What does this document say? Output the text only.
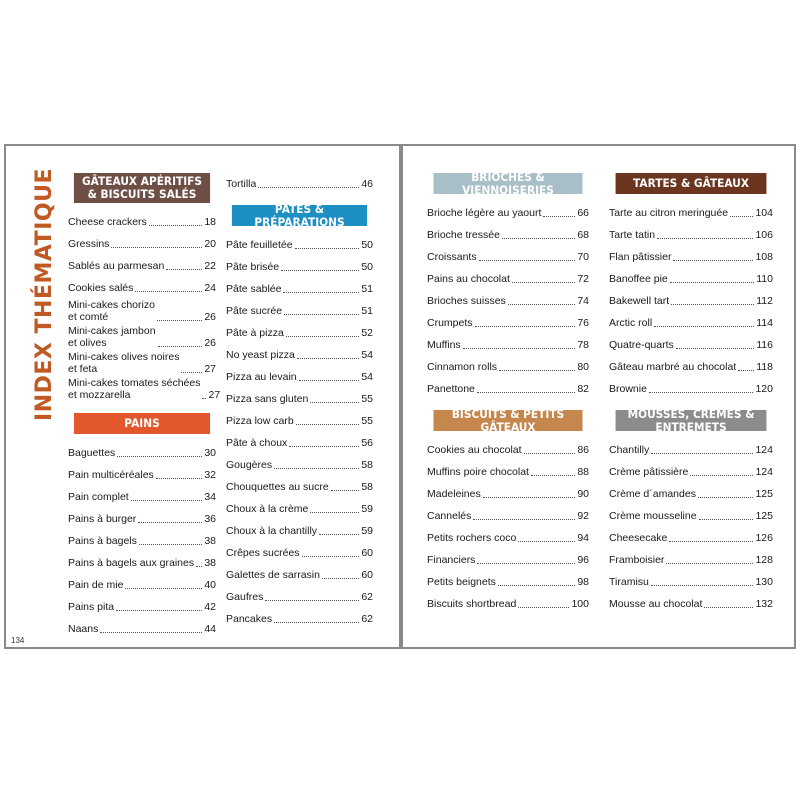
INDEX THÉMATIQUE	GÂTEAUX APÉRITIFS
& BISCUITS SALÉS
Cheese crackers	18
Gressins	20
Sablés au parmesan	22
Cookies salés	24
Mini-cakes chorizo
et comté	26
Mini-cakes jambon
et olives	26
Mini-cakes olives noires
et feta	27
Mini-cakes tomates séchées
et mozzarella	27
PAINS
Baguettes	30
Pain multicéréales	32
Pain complet	34
Pains à burger	36
Pains à bagels	38
Pains à bagels aux graines 38
Pain de mie	40
Pains pita	42
Naans	44
Tortilla	46
PÂTES & PRÉPARATIONS
Pâte feuilletée	50
Pâte brisée	50
Pâte sablée	51
Pâte sucrée	51
Pâte à pizza	52
No yeast pizza	54
Pizza au levain	54
Pizza sans gluten	55
Pizza low carb	55
Pâte à choux	56
Gougères	58
Chouquettes au sucre	58
Choux à la crème	59
Choux à la chantilly	59
Crêpes sucrées	60
Galettes de sarrasin	60
Gaufres	62
Pancakes	62
134
BRIOCHES & VIENNOISERIES
Brioche légère au yaourt	66
Brioche tressée	68
Croissants	70
Pains au chocolat	72
Brioches suisses	74
Crumpets	76
Muffins	78
Cinnamon rolls	80
Panettone	82
BISCUITS & PETITS GÂTEAUX
Cookies au chocolat	86
Muffins poire chocolat	88
Madeleines	90
Cannelés	92
Petits rochers coco	94
Financiers	96
Petits beignets	98
Biscuits shortbread	100
TARTES & GÂTEAUX
Tarte au citron meringuée	104
Tarte tatin	106
Flan pâtissier	108
Banoffee pie	110
Bakewell tart	112
Arctic roll	114
Quatre-quarts	116
Gâteau marbré au chocolat 118
Brownie	120
MOUSSES, CRÈMES & ENTREMETS
Chantilly	124
Crème pâtissière	124
Crème d´amandes	125
Crème mousseline	125
Cheesecake	126
Framboisier	128
Tiramisu	130
Mousse au chocolat	132
